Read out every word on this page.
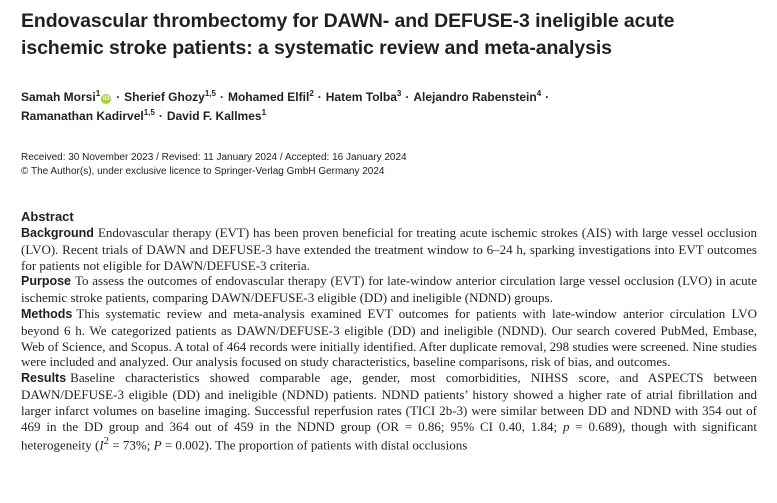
Endovascular thrombectomy for DAWN- and DEFUSE-3 ineligible acute ischemic stroke patients: a systematic review and meta-analysis
Samah Morsi$^1$iD · Sherief Ghozy$^{1,5}$ · Mohamed Elfil$^2$ · Hatem Tolba$^3$ · Alejandro Rabenstein$^4$ ·
Ramanathan Kadirvel$^{1,5}$ · David F. Kallmes$^1$
Received: 30 November 2023 / Revised: 11 January 2024 / Accepted: 16 January 2024
© The Author(s), under exclusive licence to Springer-Verlag GmbH Germany 2024
Abstract

Background Endovascular therapy (EVT) has been proven beneficial for treating acute ischemic strokes (AIS) with large vessel occlusion (LVO). Recent trials of DAWN and DEFUSE-3 have extended the treatment window to 6–24 h, sparking investigations into EVT outcomes for patients not eligible for DAWN/DEFUSE-3 criteria.

Purpose To assess the outcomes of endovascular therapy (EVT) for late-window anterior circulation large vessel occlusion (LVO) in acute ischemic stroke patients, comparing DAWN/DEFUSE-3 eligible (DD) and ineligible (NDND) groups.

Methods This systematic review and meta-analysis examined EVT outcomes for patients with late-window anterior circulation LVO beyond 6 h. We categorized patients as DAWN/DEFUSE-3 eligible (DD) and ineligible (NDND). Our search covered PubMed, Embase, Web of Science, and Scopus. A total of 464 records were initially identified. After duplicate removal, 298 studies were screened. Nine studies were included and analyzed. Our analysis focused on study characteristics, baseline comparisons, risk of bias, and outcomes.

Results Baseline characteristics showed comparable age, gender, most comorbidities, NIHSS score, and ASPECTS between DAWN/DEFUSE-3 eligible (DD) and ineligible (NDND) patients. NDND patients’ history showed a higher rate of atrial fibrillation and larger infarct volumes on baseline imaging. Successful reperfusion rates (TICI 2b-3) were similar between DD and NDND with 354 out of 469 in the DD group and 364 out of 459 in the NDND group (OR = 0.86; 95% CI 0.40, 1.84; p = 0.689), though with significant heterogeneity ($I^2 = 73\%$; P = 0.002). The proportion of patients with distal occlusions
